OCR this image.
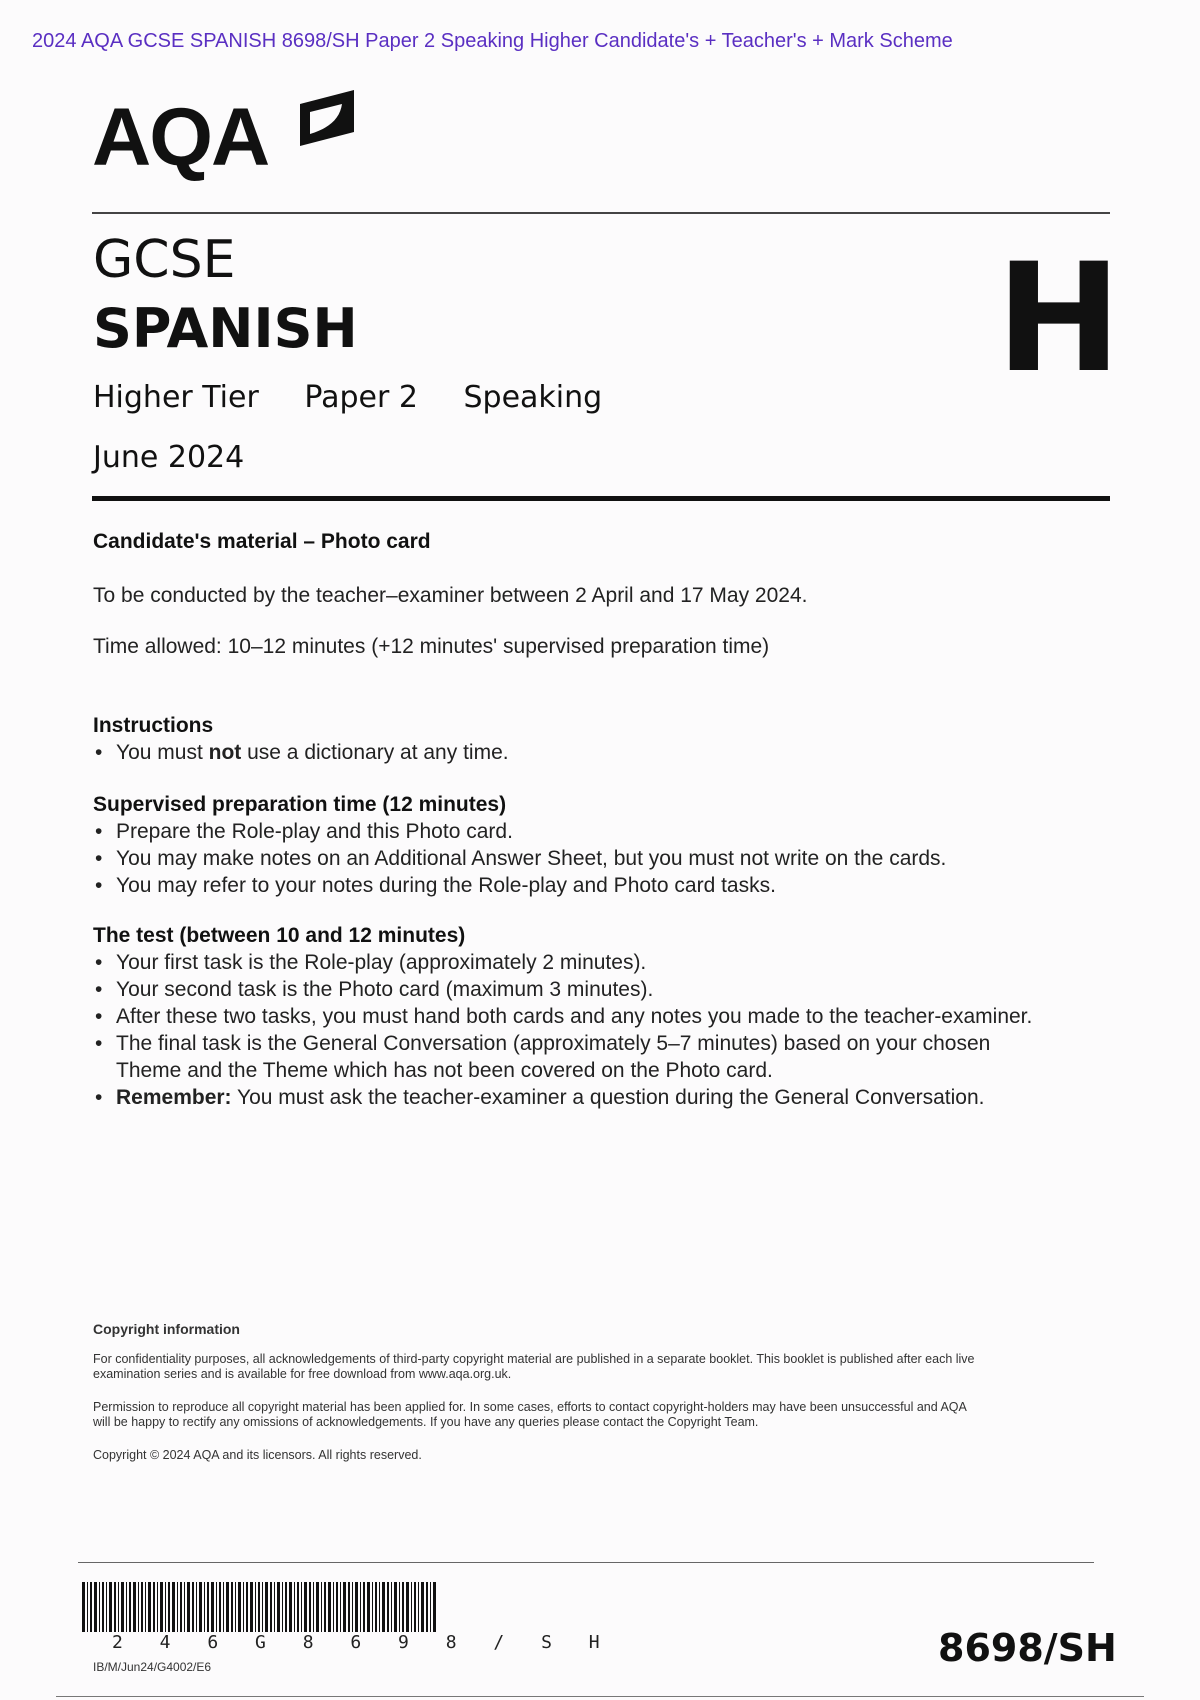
2024 AQA GCSE SPANISH 8698/SH Paper 2 Speaking Higher Candidate's + Teacher's + Mark Scheme
AQA
GCSE
SPANISH
Higher Tier Paper 2 Speaking
June 2024
H
Candidate's material – Photo card
To be conducted by the teacher–examiner between 2 April and 17 May 2024.
Time allowed: 10–12 minutes (+12 minutes' supervised preparation time)
Instructions
• You must not use a dictionary at any time.
Supervised preparation time (12 minutes)
• Prepare the Role-play and this Photo card.
• You may make notes on an Additional Answer Sheet, but you must not write on the cards.
• You may refer to your notes during the Role-play and Photo card tasks.
The test (between 10 and 12 minutes)
• Your first task is the Role-play (approximately 2 minutes).
• Your second task is the Photo card (maximum 3 minutes).
• After these two tasks, you must hand both cards and any notes you made to the teacher-examiner.
• The final task is the General Conversation (approximately 5–7 minutes) based on your chosen
Theme and the Theme which has not been covered on the Photo card.
• Remember: You must ask the teacher-examiner a question during the General Conversation.

Copyright information

For confidentiality purposes, all acknowledgements of third-party copyright material are published in a separate booklet. This booklet is published after each live

examination series and is available for free download from www.aqa.org.uk.

Permission to reproduce all copyright material has been applied for. In some cases, efforts to contact copyright-holders may have been unsuccessful and AQA

will be happy to rectify any omissions of acknowledgements. If you have any queries please contact the Copyright Team.

Copyright © 2024 AQA and its licensors. All rights reserved.

2 4 6 G 8 6 9 8 / S H
IB/M/Jun24/G4002/E6	8698/SH
